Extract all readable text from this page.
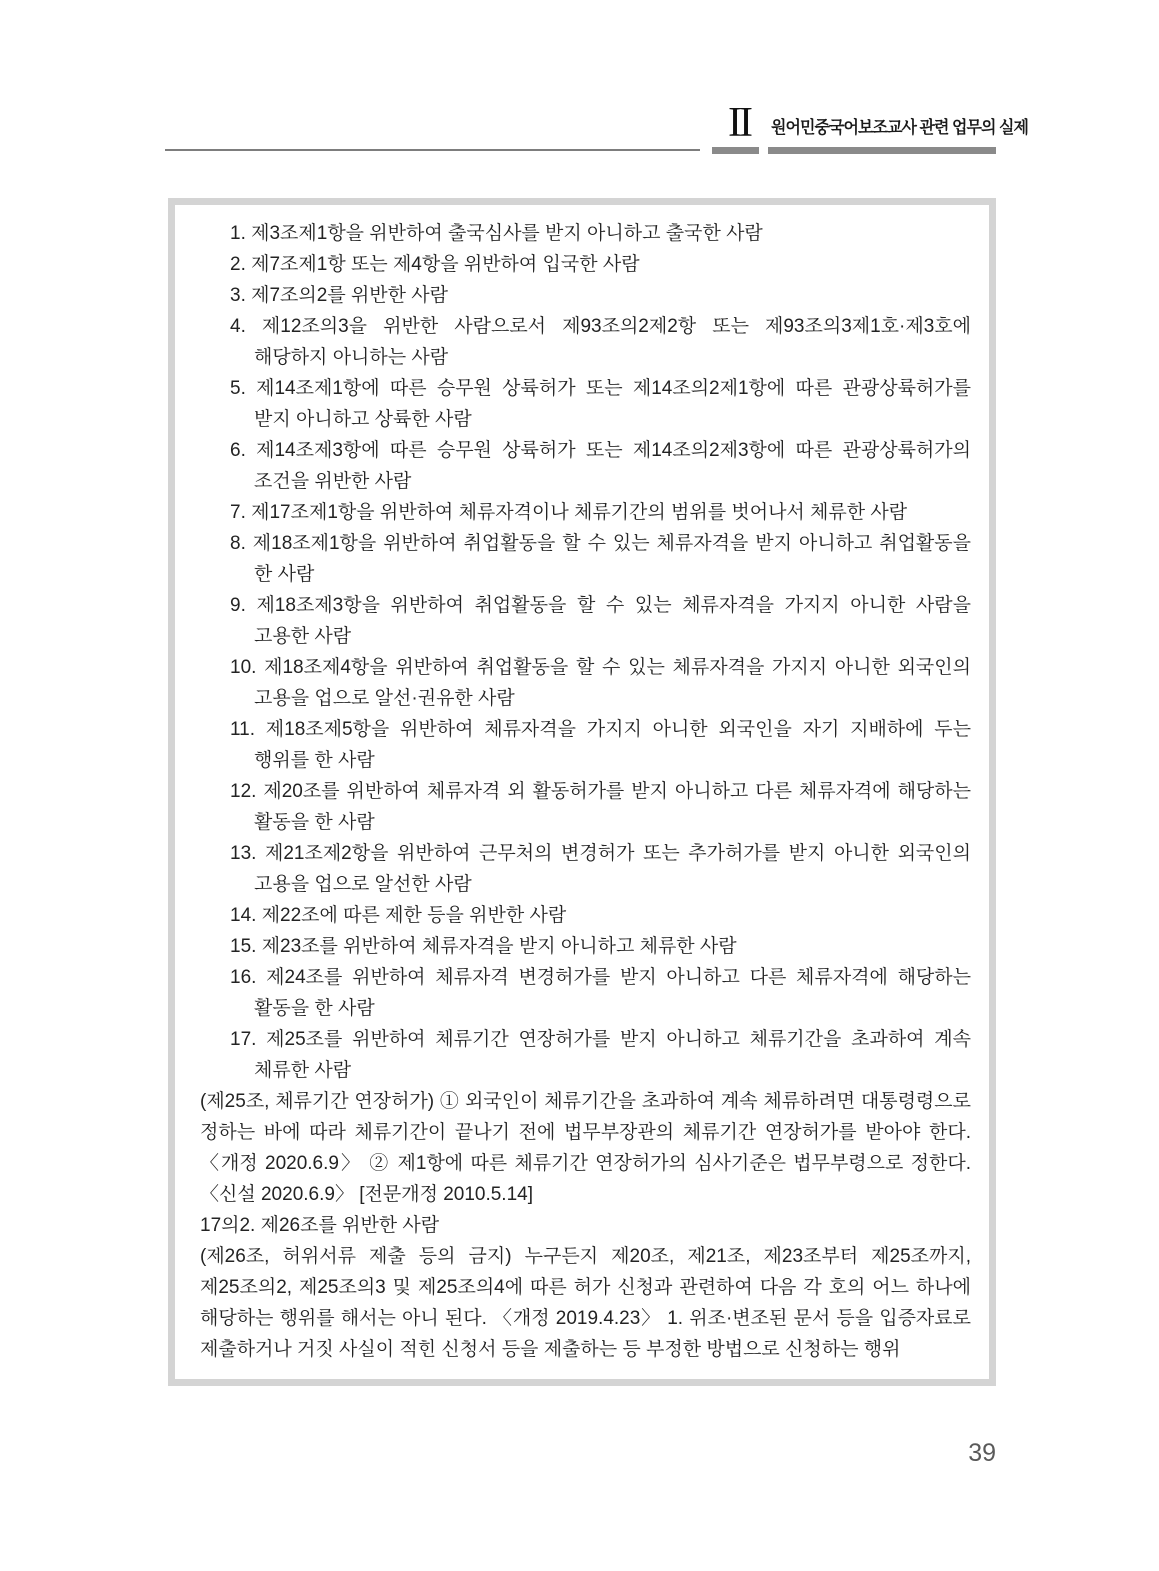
II	원어민중국어보조교사 관련 업무의 실제
1. 제3조제1항을 위반하여 출국심사를 받지 아니하고 출국한 사람
2. 제7조제1항 또는 제4항을 위반하여 입국한 사람
3. 제7조의2를 위반한 사람
4. 제12조의3을 위반한 사람으로서 제93조의2제2항 또는 제93조의3제1호·제3호에 해당하지 아니하는 사람
5. 제14조제1항에 따른 승무원 상륙허가 또는 제14조의2제1항에 따른 관광상륙허가를 받지 아니하고 상륙한 사람
6. 제14조제3항에 따른 승무원 상륙허가 또는 제14조의2제3항에 따른 관광상륙허가의 조건을 위반한 사람
7. 제17조제1항을 위반하여 체류자격이나 체류기간의 범위를 벗어나서 체류한 사람
8. 제18조제1항을 위반하여 취업활동을 할 수 있는 체류자격을 받지 아니하고 취업활동을 한 사람
9. 제18조제3항을 위반하여 취업활동을 할 수 있는 체류자격을 가지지 아니한 사람을 고용한 사람
10. 제18조제4항을 위반하여 취업활동을 할 수 있는 체류자격을 가지지 아니한 외국인의 고용을 업으로 알선·권유한 사람
11. 제18조제5항을 위반하여 체류자격을 가지지 아니한 외국인을 자기 지배하에 두는 행위를 한 사람
12. 제20조를 위반하여 체류자격 외 활동허가를 받지 아니하고 다른 체류자격에 해당하는 활동을 한 사람
13. 제21조제2항을 위반하여 근무처의 변경허가 또는 추가허가를 받지 아니한 외국인의 고용을 업으로 알선한 사람
14. 제22조에 따른 제한 등을 위반한 사람
15. 제23조를 위반하여 체류자격을 받지 아니하고 체류한 사람
16. 제24조를 위반하여 체류자격 변경허가를 받지 아니하고 다른 체류자격에 해당하는 활동을 한 사람
17. 제25조를 위반하여 체류기간 연장허가를 받지 아니하고 체류기간을 초과하여 계속 체류한 사람
(제25조, 체류기간 연장허가) ① 외국인이 체류기간을 초과하여 계속 체류하려면 대통령령으로 정하는 바에 따라 체류기간이 끝나기 전에 법무부장관의 체류기간 연장허가를 받아야 한다. 〈개정 2020.6.9〉 ② 제1항에 따른 체류기간 연장허가의 심사기준은 법무부령으로 정한다. 〈신설 2020.6.9〉 [전문개정 2010.5.14]
17의2. 제26조를 위반한 사람
(제26조, 허위서류 제출 등의 금지) 누구든지 제20조, 제21조, 제23조부터 제25조까지, 제25조의2, 제25조의3 및 제25조의4에 따른 허가 신청과 관련하여 다음 각 호의 어느 하나에 해당하는 행위를 해서는 아니 된다. 〈개정 2019.4.23〉 1. 위조·변조된 문서 등을 입증자료로 제출하거나 거짓 사실이 적힌 신청서 등을 제출하는 등 부정한 방법으로 신청하는 행위
39
